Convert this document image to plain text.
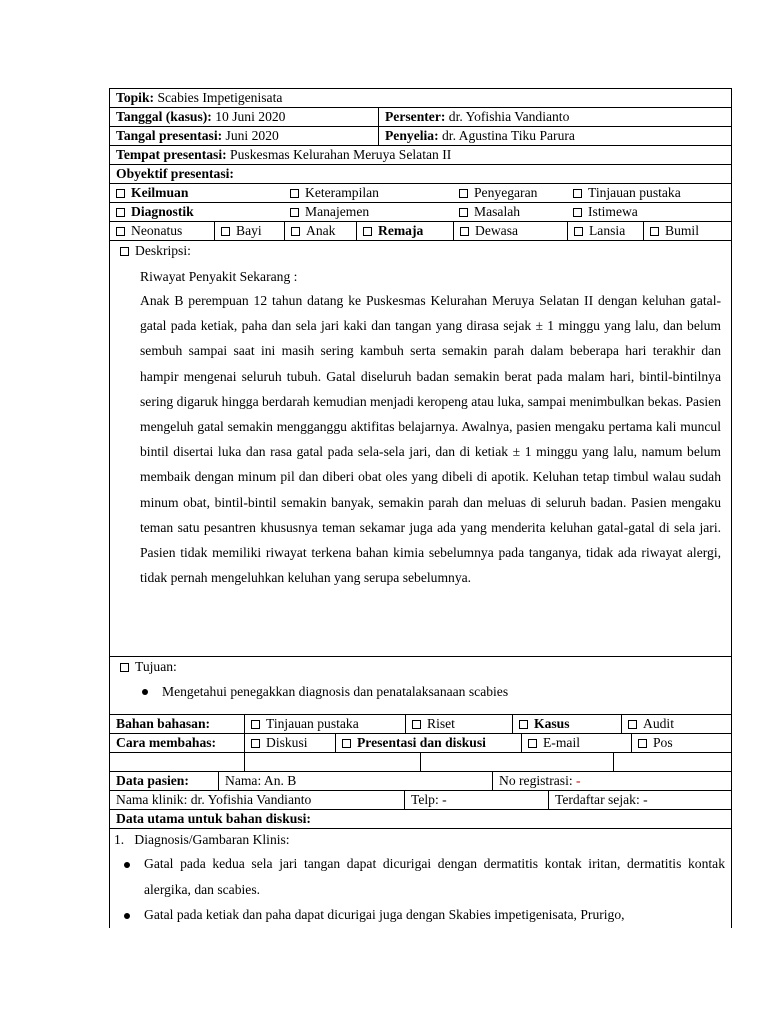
Topik: Scabies Impetigenisata
Tanggal (kasus): 10 Juni 2020	Persenter: dr. Yofishia Vandianto
Tangal presentasi: Juni 2020	Penyelia: dr. Agustina Tiku Parura
Tempat presentasi: Puskesmas Kelurahan Meruya Selatan II
Obyektif presentasi:
Keilmuan	Keterampilan	Penyegaran	Tinjauan pustaka
Diagnostik	Manajemen	Masalah	Istimewa
Neonatus	Bayi	Anak	Remaja	Dewasa	Lansia	Bumil
Deskripsi:
Riwayat Penyakit Sekarang :
Anak B perempuan 12 tahun datang ke Puskesmas Kelurahan Meruya Selatan II dengan keluhan gatal-gatal pada ketiak, paha dan sela jari kaki dan tangan yang dirasa sejak ± 1 minggu yang lalu, dan belum sembuh sampai saat ini masih sering kambuh serta semakin parah dalam beberapa hari terakhir dan hampir mengenai seluruh tubuh. Gatal diseluruh badan semakin berat pada malam hari, bintil-bintilnya sering digaruk hingga berdarah kemudian menjadi keropeng atau luka, sampai menimbulkan bekas. Pasien mengeluh gatal semakin mengganggu aktifitas belajarnya. Awalnya, pasien mengaku pertama kali muncul bintil disertai luka dan rasa gatal pada sela-sela jari, dan di ketiak ± 1 minggu yang lalu, namum belum membaik dengan minum pil dan diberi obat oles yang dibeli di apotik. Keluhan tetap timbul walau sudah minum obat, bintil-bintil semakin banyak, semakin parah dan meluas di seluruh badan. Pasien mengaku teman satu pesantren khususnya teman sekamar juga ada yang menderita keluhan gatal-gatal di sela jari. Pasien tidak memiliki riwayat terkena bahan kimia sebelumnya pada tanganya, tidak ada riwayat alergi, tidak pernah mengeluhkan keluhan yang serupa sebelumnya.
Tujuan:
Mengetahui penegakkan diagnosis dan penatalaksanaan scabies
Bahan bahasan:	Tinjauan pustaka	Riset	Kasus	Audit
Cara membahas:	Diskusi	Presentasi dan diskusi	E-mail	Pos
Data pasien:	Nama: An. B	No registrasi: -
Nama klinik: dr. Yofishia Vandianto	Telp: -	Terdaftar sejak: -
Data utama untuk bahan diskusi:
1. Diagnosis/Gambaran Klinis:
Gatal pada kedua sela jari tangan dapat dicurigai dengan dermatitis kontak iritan, dermatitis kontak alergika, dan scabies.
Gatal pada ketiak dan paha dapat dicurigai juga dengan Skabies impetigenisata, Prurigo,
